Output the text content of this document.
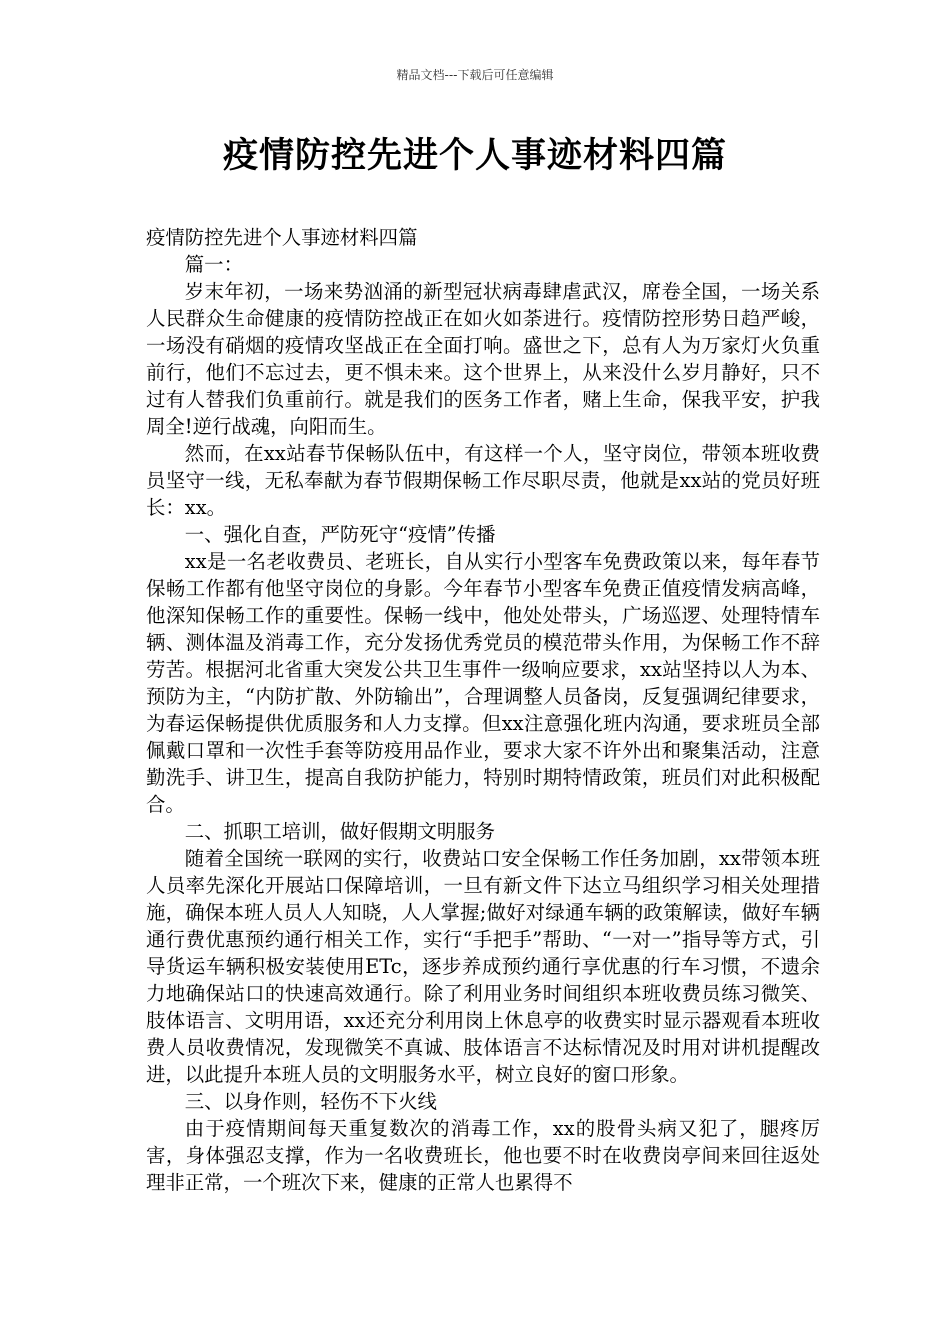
精品文档---下载后可任意编辑
疫情防控先进个人事迹材料四篇

疫情防控先进个人事迹材料四篇

篇一：

岁末年初，一场来势汹涌的新型冠状病毒肆虐武汉，席卷全国，一场关系人民群众生命健康的疫情防控战正在如火如荼进行。疫情防控形势日趋严峻，一场没有硝烟的疫情攻坚战正在全面打响。盛世之下，总有人为万家灯火负重前行，他们不忘过去，更不惧未来。这个世界上，从来没什么岁月静好，只不过有人替我们负重前行。就是我们的医务工作者，赌上生命，保我平安，护我周全!逆行战魂，向阳而生。

然而，在xx站春节保畅队伍中，有这样一个人，坚守岗位，带领本班收费员坚守一线，无私奉献为春节假期保畅工作尽职尽责，他就是xx站的党员好班长：xx。

一、强化自查，严防死守“疫情”传播

xx是一名老收费员、老班长，自从实行小型客车免费政策以来，每年春节保畅工作都有他坚守岗位的身影。今年春节小型客车免费正值疫情发病高峰，他深知保畅工作的重要性。保畅一线中，他处处带头，广场巡逻、处理特情车辆、测体温及消毒工作，充分发扬优秀党员的模范带头作用，为保畅工作不辞劳苦。根据河北省重大突发公共卫生事件一级响应要求，xx站坚持以人为本、预防为主，“内防扩散、外防输出”，合理调整人员备岗，反复强调纪律要求，为春运保畅提供优质服务和人力支撑。但xx注意强化班内沟通，要求班员全部佩戴口罩和一次性手套等防疫用品作业，要求大家不许外出和聚集活动，注意勤洗手、讲卫生，提高自我防护能力，特别时期特情政策，班员们对此积极配合。

二、抓职工培训，做好假期文明服务

随着全国统一联网的实行，收费站口安全保畅工作任务加剧，xx带领本班人员率先深化开展站口保障培训，一旦有新文件下达立马组织学习相关处理措施，确保本班人员人人知晓，人人掌握;做好对绿通车辆的政策解读，做好车辆通行费优惠预约通行相关工作，实行“手把手”帮助、“一对一”指导等方式，引导货运车辆积极安装使用ETc，逐步养成预约通行享优惠的行车习惯，不遗余力地确保站口的快速高效通行。除了利用业务时间组织本班收费员练习微笑、肢体语言、文明用语，xx还充分利用岗上休息亭的收费实时显示器观看本班收费人员收费情况，发现微笑不真诚、肢体语言不达标情况及时用对讲机提醒改进，以此提升本班人员的文明服务水平，树立良好的窗口形象。

三、以身作则，轻伤不下火线

由于疫情期间每天重复数次的消毒工作，xx的股骨头病又犯了，腿疼厉害，身体强忍支撑，作为一名收费班长，他也要不时在收费岗亭间来回往返处理非正常，一个班次下来，健康的正常人也累得不
